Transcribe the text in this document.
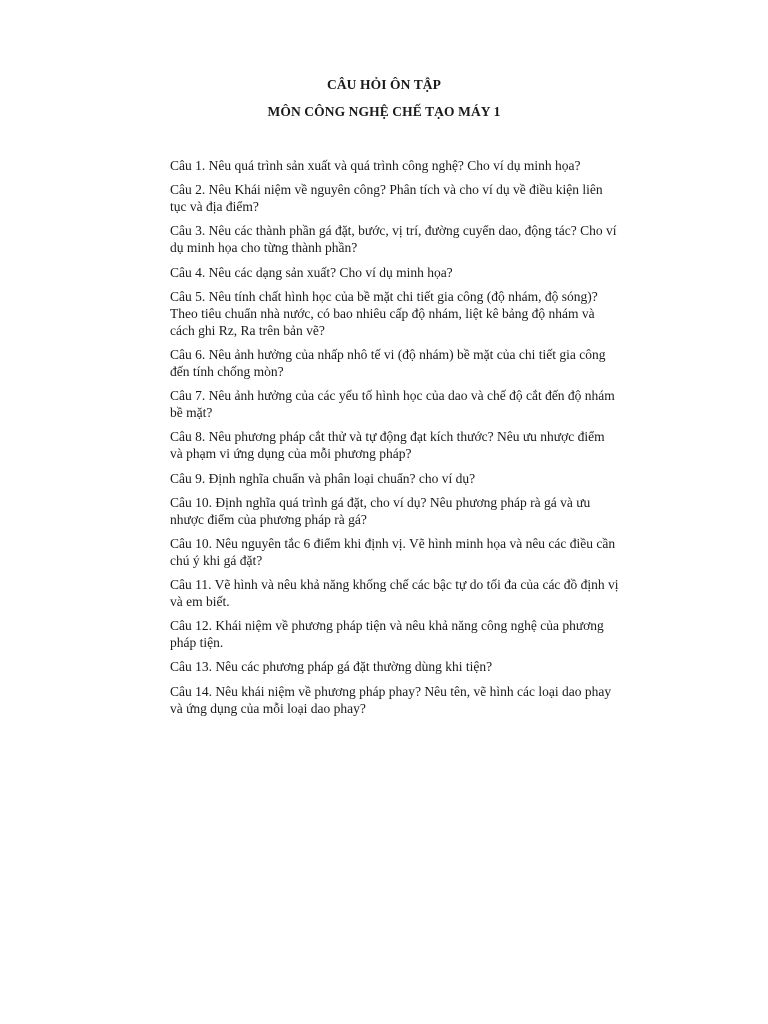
CÂU HỎI ÔN TẬP
MÔN CÔNG NGHỆ CHẾ TẠO MÁY 1
Câu 1. Nêu quá trình sản xuất và quá trình công nghệ? Cho ví dụ minh họa?
Câu 2. Nêu Khái niệm về nguyên công? Phân tích và cho ví dụ về điều kiện liên tục và địa điểm?
Câu 3. Nêu các thành phần gá đặt, bước, vị trí, đường cuyển dao, động tác? Cho ví dụ minh họa cho từng thành phần?
Câu 4. Nêu các dạng sản xuất? Cho ví dụ minh họa?
Câu 5. Nêu tính chất hình học của bề mặt chi tiết gia công (độ nhám, độ sóng)? Theo tiêu chuẩn nhà nước, có bao nhiêu cấp độ nhám, liệt kê bảng độ nhám và cách ghi Rz, Ra trên bản vẽ?
Câu 6. Nêu ảnh hưởng của nhấp nhô tế vi (độ nhám) bề mặt của chi tiết gia công đến tính chống mòn?
Câu 7. Nêu ảnh hưởng của các yếu tố hình học của dao và chế độ cắt đến độ nhám bề mặt?
Câu 8. Nêu phương pháp cắt thử và tự động đạt kích thước? Nêu ưu nhược điểm và phạm vi ứng dụng của mỗi phương pháp?
Câu 9. Định nghĩa chuẩn và phân loại chuẩn? cho ví dụ?
Câu 10. Định nghĩa quá trình gá đặt, cho ví dụ? Nêu phương pháp rà gá và ưu nhược điểm của phương pháp rà gá?
Câu 10. Nêu nguyên tắc 6 điểm khi định vị. Vẽ hình minh họa và nêu các điều cần chú ý khi gá đặt?
Câu 11. Vẽ hình và nêu khả năng khống chế các bậc tự do tối đa của các đồ định vị và em biết.
Câu 12. Khái niệm về phương pháp tiện và nêu khả năng công nghệ của phương pháp tiện.
Câu 13. Nêu các phương pháp gá đặt thường dùng khi tiện?
Câu 14. Nêu khái niệm về phương pháp phay? Nêu tên, vẽ hình các loại dao phay và ứng dụng của mỗi loại dao phay?
